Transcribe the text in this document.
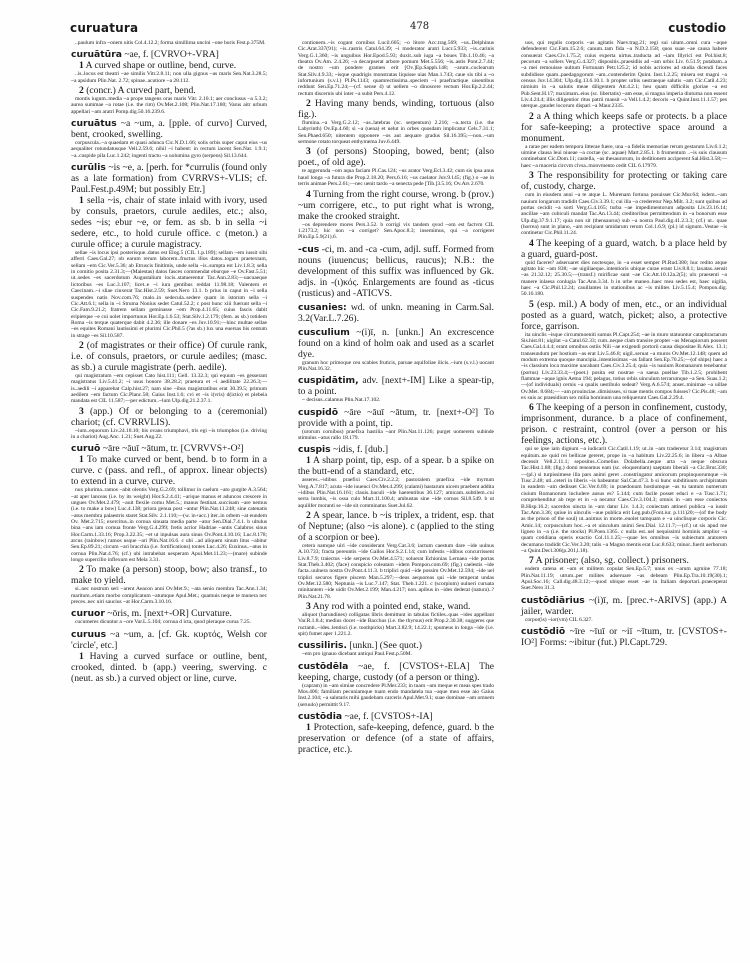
curuatura	478	custodio

..paulum infra ~onem uitis Col.4.12.2; forma simillima uncini ~one buris Fest.p.375M.

curuātūra ~ae, f. [CVRVO+-VRA]

1 A curved shape or outline, bend, curve.

..is..locus est theatri ~ae similis Vitr.2.8.11; non ulla gignus ~as maris Sen.Nat.3.28.5; ~a apsidum Plin.Nat. 2.72; spinae..acutiore ~a 28.112.

2 (concr.) A curved part, bend.

montis iugum..media ~a prope tangens oras maris Vitr. 2.10.1; aer conclusus ~a 5.3.2; aurea summae ~a rotae (i.e. the rim) Ov.Met.2.108; Plin.Nat.17.180; Varus aitr urbum appellari ~am aratri Pomp.dig.50.16.239.6.

curuātus ~a ~um, a. [pple. of curvo] Curved, bent, crooked, swelling.

corpuscula..~a quaedam et quasi adunca Cic.N.D.1.66; solis orbis super caput eius ~us aequaliter rotundatusque Vell.2.59.6; nihil ~i habent: in rectum iacent Sen.Nat. 1.9.1; ~a..cuspide pila Luc.1.242; ingenti tractu ~a uolumina gyro (serpens) Sil.13.644.

curūlis ~is ~e, a. [perh. for *currulis (found only as a late formation) from CVRRVS+-VLIS; cf. Paul.Fest.p.49M; but possibly Etr.]

1 sella ~is, chair of state inlaid with ivory, used by consuls, praetors, curule aediles, etc.; also, sedes ~is; ebur ~e, or fem. as sb. b in sella ~i sedere, etc., to hold curule office. c (meton.) a curule office; a curule magistracy.

sellae ~is locus ipsi posterisque..datus est Elog.5 (CIL 1.p.189); sellam ~em iussit sibi afferri Caes.Gal.27; ob earum rerum laborem..fructus illos datos..togam praetextam, sellam ~em Cic.Ver.5.36; ab Etruscis finitimis, unde sella ~is..sumpta est Liv.1.8.3; sella in comitio posita 2.31.3;—(Maiestas) datos fasces commendat eburque ~e Ov.Fast.5.51; ut..sedes ~es sacerdotum Augustalium locis..statuerentur Tac.Ann.2.83;—uacuaeque lictoribus ~es Luc.3.107; licet..e ~i iura gentibus reddat 11.98.18; Valentem et Caecinam..~i sliae cinxerat Tac.Hist.2.59; Suet.Nero 13.1. b prius in caput in ~i sella suspendes natis Nov.com.76; malo..in sedecula..sedere quam in istorum sella ~i Cic.Att.6.1; sella in ~i Struma Nonius sedet Catul.52.2; c post hunc xiii fuerunt sella ~i Cic.Fam.9.21.2; fratrem sellam geminasse ~em Prop.4.11.65; cuius fascis dabit eripietque ~e cui uolet importunus Hor.Ep.1.6.53; Stat.Silv.1.2.179; (fem. as sb.) totidem Roma ~is terque quaterque dabit 4.2.36; ille donare ~es Juv.10.91;—hinc multae sellae ~es equites Romani lautissimi et plurimi Cic.Phil.5 (?as sb.) lux una euersas bis centum in strage ~es Sil.10.587.

2 (of magistrates or their office) Of curule rank, i.e. of consuls, praetors, or curule aediles; (masc. as sb.) a curule magistrate (perh. aedile).

qui magistratum ~em cepisset Cato hist.111; Gell. 13.32.3; qui equum ~es gesserant magistratus Liv.5.41.2; ~i usus honore 38.28.2; praetura et ~i aedilitate 22.26.3;—is..aedili ~i apparebat Calp.hist.27; nam sine ~ibus magistratibus erat 30.39.5; primum aedilem ~em factum Cic.Planc.58; Gaius Inst.1.6; cvi et ~is i(vris) d(ictio) et plebeia mandata est CIL 11.587;—per edictum..~lum Ulp.dig.21.2.37.1.

3 (app.) Of or belonging to a (ceremonial) chariot; (cf. CVRRVLIS).

~ium..equorum Liv.24.18.10; bis ovans triumphavi, tris egi ~is triumphos (i.e. driving in a chariot) Aug.Anc. 1.21; Suet.Aug.22.

curuō ~āre ~āuī ~ātum, tr. [CVRVVS+-O²]

1 To make curved or bent, bend. b to form in a curve. c (pass. and refl., of approx. linear objects) to extend in a curve, curve.

nux plurima..ramos ~abit olentis Verg.G.2.69; tollimur in caelum ~ato gurgite A.3.564; ~at aper lanceas (i.e. by its weight) Hor.S.2.4.41; ~arique manus et aduncos crescere in ungues Ov.Met.2.479; ~auit flexile cornu Met.5.; manus festinat..succisam ~are nemus (i.e. to make a bow) Luc.4.138; priora genua post ~antur Plin.Nat.11.248; sine catenatis ~atus membra palaestris staret Stat.Silv. 2.1.110;—(w. in+acc.) iter..in orbem ~at eundem Ov. Met.2.715; exercitus..in cornua sinuata media parte ~atur Sen.Dial.7.4.1. b ultulus bina ~ans iam cornua fronte Verg.G.4.299; fretis acrior Hadriae ~antis Calabros sinus Hor.Carm.1.33.16; Prop.3.22.35; ~et ut inpulsas aura sinus Ov.Pont.4.10.16; Luc.8.178; arcus (rainbow) ramos usque ~ari Plin.Nat.16.6. c ubi ..ad aliquem sinum litus ~abitur Sen.Ep.89.21; circum ~ari bracchia (i.e. fortifications) tontes Luc.4.26; Euxinus..~atus in cornua Plin.Nat.4.76; (cf.) ubi intrabebat uesperam Apul.Met.11.23;—(mare) subinde longo supercilio inflexum est Mela 3.31.

2 To make (a person) stoop, bow; also transf., to make to yield.

si..nec nostrum seri ~arent Aeacon anni Ov.Met.9.; ~ata senio membra Tac.Ann.1.34; maritum..etiam morbo complicatum ~atumque Apul.Met.; quamuis neque te munera nec preces..nec uiri saucius ~at Hor.Carm.3.10.16.

curuor ~ōris, m. [next+-OR] Curvature.

cucumeres dicuntur a ~ore Var.L.5.104; cornua d icta, quod pleraque curua 7.25.

curuus ~a ~um, a. [cf. Gk. κυρτός, Welsh cor 'circle', etc.]

1 Having a curved surface or outline, bent, crooked, dinted. b (app.) veering, swerving. c (neut. as sb.) a curved object or line, curve.

contionem..~is cogant cornibus Lucil.605; ~o litore Acc.trag.569; ~us..Delphinus Cic.Arat.337(91); ~is..rastris Catul.64.39; ~i moderator aratri Lucr.5.933; ~is..carinis Verg.G.1.360; ~is unguibus Hor.Epod.5.93; duxit..sub iuga ~a boues Tib.1.10.46; ~a theatra Ov.Am. 2.4.26; ~a decarpserat arbore pomum Met.5.556; ~is..astis Pont.2.7.44; de nostro ~um pondere gramen erit [Ov.]Ep.Sapph.148; ~arum..coclearum Stat.Silv.4.9.33; ~isque quadrigis monstratas liquisse uias Man.1.743; caue sis tibi a ~o infortunium (s.v.l.) Pl.Ps.1143; quamrectissima..speciem ~i praefractique uisentibus reddunt Sen.Ep.71.24;—(cf. sense 4) ut uellem ~o dinoscere rectum Hor.Ep.2.2.44; rectum discernis ubi inter ~a subit Pers.4.12.

2 Having many bends, winding, tortuous (also fig.).

flumina..~a Verg.G.2.12; ~as..latebras (sc. serpentum) 2.216; ~a..tecta (i.e. the Labyrinth) Ov.Ep.4.60; si ~a (uena) et uelut in orbes quosdam implicatur Cels.7.31.1; Sen.Phaed.650; nitentem opponere ~os aut aequare gradus Sil.16.395;—non..~um sermone rotato torqueat enthymema Juv.6.449.

3 (of persons) Stooping, bowed, bent; (also poet., of old age).

te aggerunda ~om aqua faciam Pl.Cas.124; ~us arator Verg.Ecl.3.42; cum sis ipsa anus haud longa ~a futura die Prop.2.18.20; Pers.6.16; ~us caelator Juv.9.145; (fig.) o ~ae in terris animae Pers.2.61;—nec uenit tardo ~a senecta pede [Tib.]3.5.16; Ov.Ars 2.670.

4 Turning from the right course, wrong. b (prov.) ~um corrigere, etc., to put right what is wrong, make the crooked straight.

~os deprendere mores Pers.3.52. b corrigi vix tandem qvod ~om est factvm CIL 1.2173.2; hic non ~a corriget? Sen.Apoc.8.3; insemimus, qui ~a corrigeret Plin.Ep.5.9(21).6.

-cus -ci, m. and -ca -cum, adjl. suff. Formed from nouns (iuuencus; bellicus, raucus); N.B.: the development of this suffix was influenced by Gk. adjs. in -(ι)κός. Enlargements are found as -ticus (rusticus) and -ATICVS.

cusanies: wd. of unkn. meaning in Carm.Sal. 3.2(Var.L.7.26).

cusculium ~(i)ī, n. [unkn.] An excrescence found on a kind of holm oak and used as a scarlet dye.

granum hoc primoque ceu scabies fruticis, paruae aquifoliae ilicis..~ium (s.v.l.) uocant Plin.Nat.16.32.

cuspidātim, adv. [next+-IM] Like a spear-tip, to a point.

~ decisus..calamus Plin.Nat.17.102.

cuspidō ~āre ~āuī ~ātum, tr. [next+-O²] To provide with a point, tip.

(urorum cornibus) praefixa hastilia ~ant Plin.Nat.11.126; purget uomerem subinde stimulus ~atus rallo 18.179.

cuspis ~idis, f. [dub.]

1 A sharp point, tip, esp. of a spear. b a spike on the butt-end of a standard, etc.

asseres..~idibus praefixi Caes.Civ.2.2.2; pastoralem praefixa ~ide myrtum Verg.A.7.817; acuta ~ide iuuenci Ov.Met.4.299; (calami) hastarum uicem praebent addita ~idibus Plin.Nat.16.161; clauis..baculi ~ide haerentibus 36.127; amicam..subtilem..cui serra lumbis, ~is ossa culo Mart.11.100.4; ambustas sine ~ide cornos Sil.8.549. b ut aquilifer moranti se ~ide sit comminatus Suet.Jul.62.

2 A spear, lance. b ~is triplex, a trident, esp. that of Neptune; (also ~is alone). c (applied to the sting of a scorpion or bee).

cetera namque uiri ~ide considerant Verg.Cat.3.6; iactum caestum dare ~ide uulnus A.10.733; fracta pereuntis ~ide Gallos Hor.S.2.1.14; cum infestis ~idibus concurrissent Liv.8.7.9; traiectus ~ide serpens Ov.Met.4.571; soluerat Echionias Lernaea ~ide portas Stat.Theb.3.402; (face) conspicio coleatam ~idem Pompon.com.69; (fig.) caelestis ~ide facta..uulnera nostra Ov.Pont.4.11.3. b triplici quid ~ide possim Ov.Met.12.594; ~ide uel triplici securos figere piscem Man.5.297;—deus aequoreas qui ~ide temperat undas Ov.Met.12.580; Neptunia ~is Luc.7.147; Stat. Theb.1.221. c (scorpium) uulneri curuata minitantem ~ide uidit Ov.Met.2.199; Man.4.217; non..apibus in ~ides dederat (natura)..? Plin.Nat.21.78.

3 Any rod with a pointed end, stake, wand.

aliquot (harundines) colligatas libris demittunt in tabulas fictiles..quas ~ides appellant Var.R.1.8.4; medius docet ~ide Bacchus (i.e. the thyrsus) erit Prop.2.30.38; suggeres que ructanti..~ides..lentisci (i.e. toothpicks) Mart.3.82.9; 14.22.1; spumeus in longa ~ide (i.e. spit) fumet aper 1.221.2.

cussiliris. [unkn.] (See quot.)

~em pro ignauo dicebant antiqui Paul.Fest.p.50M.

custōdēla ~ae, f. [CVSTOS+-ELA] The keeping, charge, custody (of a person or thing).

(capram) in ~am simiae concredere Pl.Mer.233; in tuam ~am meque et meas spes trado Mos.406; familiam pecuniamque tuam endo mandatela tua ~aque mea esse aio Gaius Inst.2.104; ~a salutaris mihi gaudebam carceris Apul.Met.9.1; suae dominae ~am omnem (seruulo) permittit 9.17.

custōdia ~ae, f. [CVSTOS+-IA]

1 Protection, safe-keeping, defence, guard. b the preservation or defence (of a state of affairs, practice, etc.).

uos, qui regalis corporis ~as agitatis Naev.trag.21; regi sui uitam..omni cura ~aque defenderent Cic.Fam.15.2.6; canum..tam fida ~a N.D.2.158; quos suae ~ae causa habere consuerat Caes.Civ.1.75.2; cuius experta uirtus..traducta ad ~iam Illyrici est Pol.hist.8; pecorum ~a sollers Verg.G.4.327; dispositis..praesidiis ad ~am urbis Liv. 6.51.9; putabam..a ~a mei remouisse uultum Fortunam Petr.125.2; id nobis acriores ad studia dicendi faces subdidisse quam..paedagogorum ~am..contenderim Quint. Inst.1.2.25; misera est magni ~a census Juv.14.304; Ulp.dig.13.6.10.1. b propter urbis uestraeque salutis ~am Cic.Catil.4.23; nimium in ~a salutis meae diligentem Att.4.2.1; heu quam difficilis gloriae ~a est Pub.Sent.H.17; maximam..eius (sc. libertatis) ~am esse, si magna imperia diuturna non essent Liv.4.24.4; illis diligentior ritus patrii mansit ~a Vell.1.4.2; decoris ~a Quint.Inst.11.1.57; pes uterque..gaudet locorum dispari ~a Maur.2335.

2 a A thing which keeps safe or protects. b a place for safe-keeping; a protective space around a monument.

a rarae per eadem tempora litterae fuere, una ~a fidelis memoriae rerum gestarum Liv.6.1.2; uimine clausa leui niueae ~a coctae (sc. aquae) Mart.2.85.1. b frumentum ..~is suis clausum continebant Cic.Dom.11; castella, ~as thesaurorum, in deditionem acciperent Sal.Hist.3.58;—haec ~a maceria circvm clvsa..monvmento cedit CIL 6.17979.

3 The responsibility for protecting or taking care of, custody, charge.

cum in eiusdem anni ~a te atque L. Murenam fortuna posuisset Cic.Mur.64; isdem..~am nauium longarum tradidit Caes.Civ.3.39.1; cui illa ~a crederetur Nep.Milt. 3.2; sunt quibus ad portas cecidit ~a sorti Verg.G.4.165; turba ~ae impedimentorum adposita Liv.23.16.14; ancillae ~am cubiculi mandat Tac.An.13.44; creditoribus permittendum in ~a bonorum esse Ulp.dig.37.9.1.17; quia non sit (thensaurus) sub ~a nostra Paul.dig.41.2.3.3; (cf.) ut.. quae (horrea) sunt in plano, ~am recipiant umidarum rerum Col.1.6.9; (pl.) id signum..Vestae ~is continetur Cic.Phil.11.24.

4 The keeping of a guard, watch. b a place held by a guard, guard-post.

quid faceret? adseruaret dies noctesque, in ~a esset semper Pl.Rud.380; huc redito atque agitato hic ~am 838; ~ae uigiliaeque..intentioris ubique curae erant Liv.8.8.1; laxatas..sensit ~as 21.32.12; 25.30.5;—(transf.) mirificae sunt ~ae Cic.Att.10.12a.2(5); ulx praesenti ~a manere inlaesa conlugia Tac.Ann.3.34. b in urbe maneo..haec mea sedes est, haec uigilia, haec ~a Cic.Phil.12.24; cauillantes in stationibus ac ~is milites Liv.5.15.4; Pompon.dig. 50.16.180.

5 (esp. mil.) A body of men, etc., or an individual posted as a guard, watch, picket; also, a protective force, garrison.

ita uinclis ~isque circummoeniti sumus Pl.Capt.254; ~ae in muro statuuntur cataphractarum Sis.hist.81; uigilat ~a Catul.62.33; cum..neque clam transire propter ~as Menapiorum possent Caes.Gal.4.4.4; erant omnibus ostiis Nili ~ae exigendi portorii causa dispositae B.Alex. 13.1; transeundum per hostium ~as erat Liv.5.46.8; uigil..seruat ~a muros Ov.Met.12.148; quem ad modum extrema quoque mancipia..intentissimas ~as fallant Sen.Ep.70.25;—(of ships) haec a ~is classium loca maxime uacabant Caes.Civ.3.25.4; quia ~is nauium Romanarum tenebantur (portus) Liv.23.33.4;—(poet.) posita est nostrae ~a saeua puellae Tib.1.2.5; prohibent flammae ~aque ignis Aetna 194; pelagus, totius orbis uinculum terrarumque ~a Sen. Suas.1.2;—(of individuals) cernis ~a qualis uestibulo sedeat? Verg.A.6.574; anser..minimae ~a uillae Ov.Met. 8.684;— ~am prouinciae..dimisisses, si tuae mentis compos fuisses? Cic.Pis.48; ~am ex suis ac praesidium sex milia hominum una reliquerunt Caes.Gal.2.29.4.

6 The keeping of a person in confinement, custody, imprisonment, durance. b a place of confinement, prison. c restraint, control (over a person or his feelings, actions, etc.).

qui se ipse iam dignum ~a iudicarit Cic.Catil.1.19; ut..in ~am traderetur 3.14; magistrum equitum..ne quid rei bellicae gereret, prope in ~a habitum Liv.22.25.6; in libera ~a Albae decessit Vell.2.11.1; sepositus..Cornelius Dolabella..neque arta ~a neque obscura Tac.Hist.1.88; (fig.) domi teneamus eam (sc. eloquentiam) saeptam liberali ~a Cic.Brut.330;—(pl.) si turpissimese illa pars animi geret ..constringatur amicorum propinquorumque ~is Tusc.2.48; uti..ceteri in liberis ~is habeantur Sal.Cat.47.3. b si hunc subditiuum archipiratam in eandem ~am dedisset Cic.Ver.6.69; in praedonum hostiumque ~as tu tantum numerum ciuium Romanorum includere ausus es? 5.144; cum facile posset educi e ~a Tusc.1.71; comprehenditur ab rege et in ~a necatur Caes.Civ.3.104.3; omnis in ~am esse coniectos B.Hisp.16.2; sacerdos uincta in ~am datur Liv. 1.4.3; coniectam attineri publica ~a iussit Tac.Ann.3.36; quiue in uinculis ~aue publica erit Leg.pub.(Font.iur. p.111)20;—(of the body as the prison of the soul) ut..animus in morte..euolet tamquam e ~a uinclisque corporis Cic. Amic.14; corpusculum hoc..~a et uinculum animi Sen.Dial. 12.11.7;—(cf.) ut sis apud me ligneo in ~a (i.e. the stocks) Pl.Poen.1365. c nulla est..uel nequissimi hominis amplior ~a quam cotidiana operis exactio Col.11.1.25;—quae lex omnibus ~is subiectum aratorem decumano tradidit Cic.Ver.3.20; talis ~a Magno mentis erat Luc.8.633; minor..fuerit uerborum ~a Quint.Decl.306(p.201,l.18).

7 A prisoner; (also, sg. collect.) prisoners.

eadem catena et ~am et militem copulat Sen.Ep.5.7; unus ex ~arum agmine 77.18; Plin.Nat.11.19; utrum..per milites adseruare ~as debeam Plin.Ep.Tra.10.19(30).1; Apul.Soc.16; Call.dig.48.3.12;—quod ubique esset ~ae in Italiam deportari..praeceperat Suet.Nero 31.3.

custōdiārius ~(i)ī, m. [prec.+-ARIVS] (app.) A jailer, warder.

corpor(is) ~ior(vm) CIL 6.327.

custōdiō ~īre ~īuī or ~iī ~ītum, tr. [CVSTOS+-IO²] Forms: ~ibitur (fut.) Pl.Capt.729.
